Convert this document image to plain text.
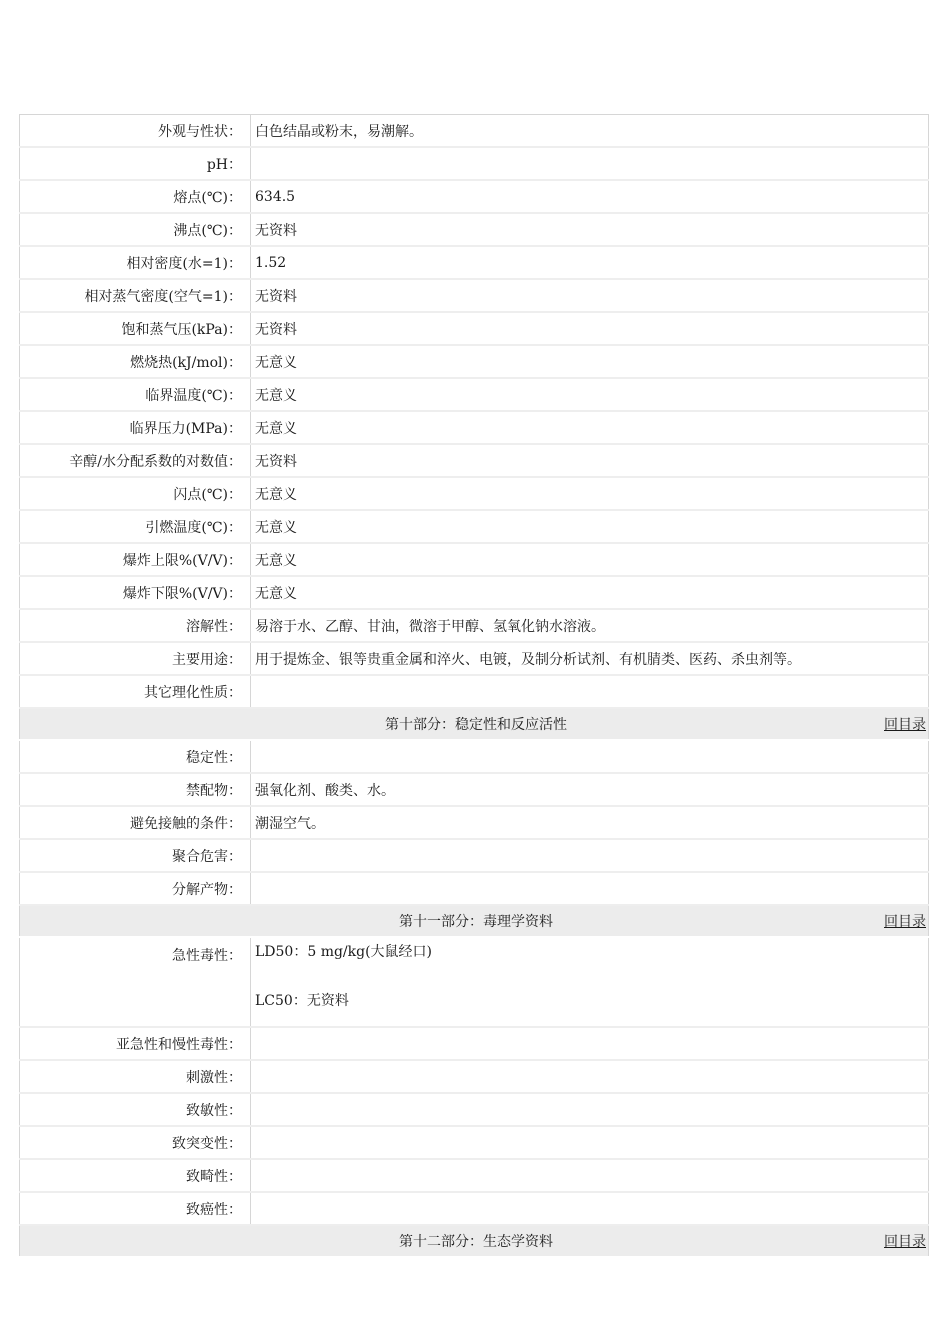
外观与性状：	白色结晶或粉末，易潮解。
pH：	
熔点(℃)：	634.5
沸点(℃)：	无资料
相对密度(水=1)：	1.52
相对蒸气密度(空气=1)：	无资料
饱和蒸气压(kPa)：	无资料
燃烧热(kJ/mol)：	无意义
临界温度(℃)：	无意义
临界压力(MPa)：	无意义
辛醇/水分配系数的对数值：	无资料
闪点(℃)：	无意义
引燃温度(℃)：	无意义
爆炸上限%(V/V)：	无意义
爆炸下限%(V/V)：	无意义
溶解性：	易溶于水、乙醇、甘油，微溶于甲醇、氢氧化钠水溶液。
主要用途：	用于提炼金、银等贵重金属和淬火、电镀，及制分析试剂、有机腈类、医药、杀虫剂等。
其它理化性质：	

第十部分：稳定性和反应活性 回目录	

稳定性：	
禁配物：	强氧化剂、酸类、水。
避免接触的条件：	潮湿空气。
聚合危害：	
分解产物：	

第十一部分：毒理学资料 回目录	

急性毒性：	LD50：5 mg/kg(大鼠经口)
LC50：无资料

亚急性和慢性毒性：	
刺激性：	
致敏性：	
致突变性：	
致畸性：	
致癌性：	

第十二部分：生态学资料 回目录	
